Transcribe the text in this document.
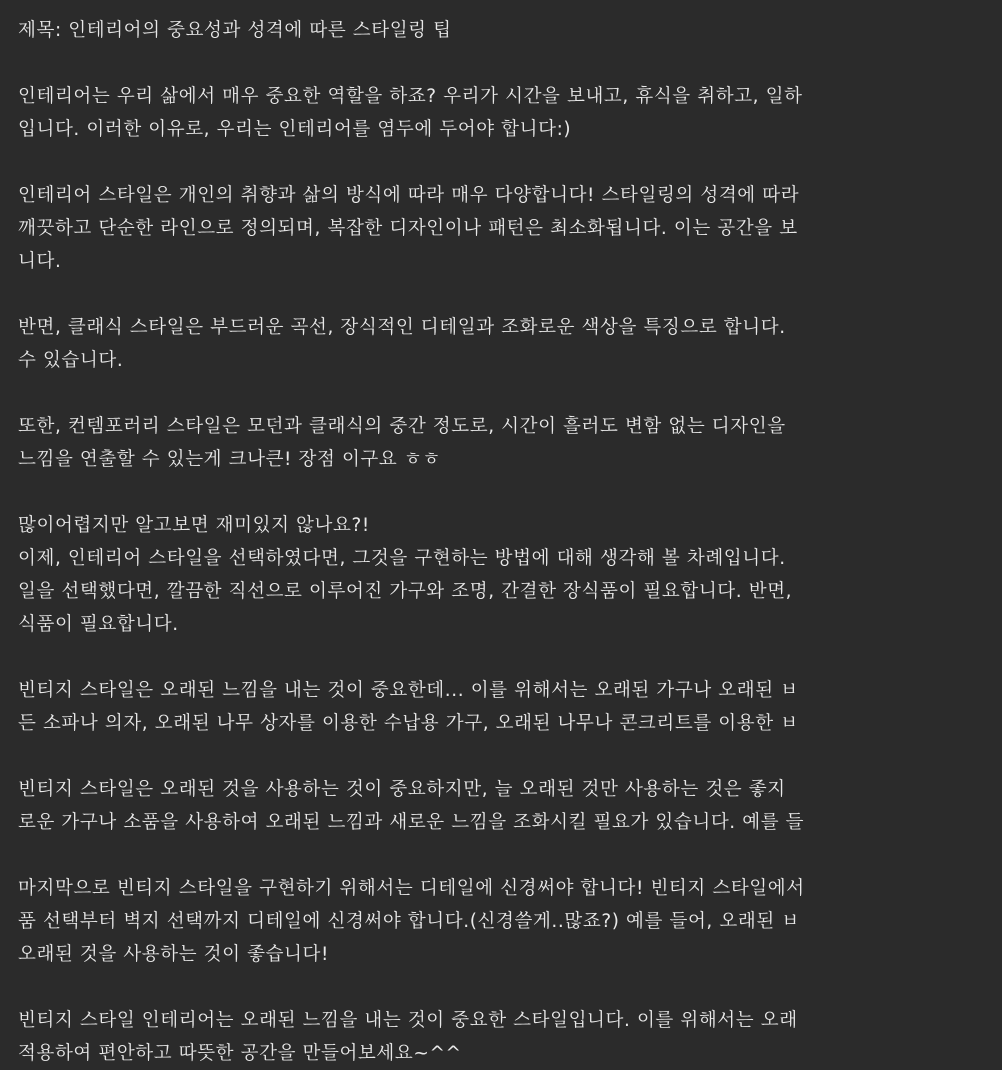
제목: 인테리어의 중요성과 성격에 따른 스타일링 팁
인테리어는 우리 삶에서 매우 중요한 역할을 하죠? 우리가 시간을 보내고, 휴식을 취하고, 일하
입니다. 이러한 이유로, 우리는 인테리어를 염두에 두어야 합니다:)
인테리어 스타일은 개인의 취향과 삶의 방식에 따라 매우 다양합니다! 스타일링의 성격에 따라
깨끗하고 단순한 라인으로 정의되며, 복잡한 디자인이나 패턴은 최소화됩니다. 이는 공간을 보
니다.
반면, 클래식 스타일은 부드러운 곡선, 장식적인 디테일과 조화로운 색상을 특징으로 합니다.
수 있습니다.
또한, 컨템포러리 스타일은 모던과 클래식의 중간 정도로, 시간이 흘러도 변함 없는 디자인을
느낌을 연출할 수 있는게 크나큰! 장점 이구요 ㅎㅎ
많이어렵지만 알고보면 재미있지 않나요?!
이제, 인테리어 스타일을 선택하였다면, 그것을 구현하는 방법에 대해 생각해 볼 차례입니다.
일을 선택했다면, 깔끔한 직선으로 이루어진 가구와 조명, 간결한 장식품이 필요합니다. 반면,
식품이 필요합니다.
빈티지 스타일은 오래된 느낌을 내는 것이 중요한데... 이를 위해서는 오래된 가구나 오래된 ㅂ
든 소파나 의자, 오래된 나무 상자를 이용한 수납용 가구, 오래된 나무나 콘크리트를 이용한 ㅂ
빈티지 스타일은 오래된 것을 사용하는 것이 중요하지만, 늘 오래된 것만 사용하는 것은 좋지
로운 가구나 소품을 사용하여 오래된 느낌과 새로운 느낌을 조화시킬 필요가 있습니다. 예를 들
마지막으로 빈티지 스타일을 구현하기 위해서는 디테일에 신경써야 합니다! 빈티지 스타일에서
품 선택부터 벽지 선택까지 디테일에 신경써야 합니다.(신경쓸게..많죠?) 예를 들어, 오래된 ㅂ
오래된 것을 사용하는 것이 좋습니다!
빈티지 스타일 인테리어는 오래된 느낌을 내는 것이 중요한 스타일입니다. 이를 위해서는 오래
적용하여 편안하고 따뜻한 공간을 만들어보세요~^^
